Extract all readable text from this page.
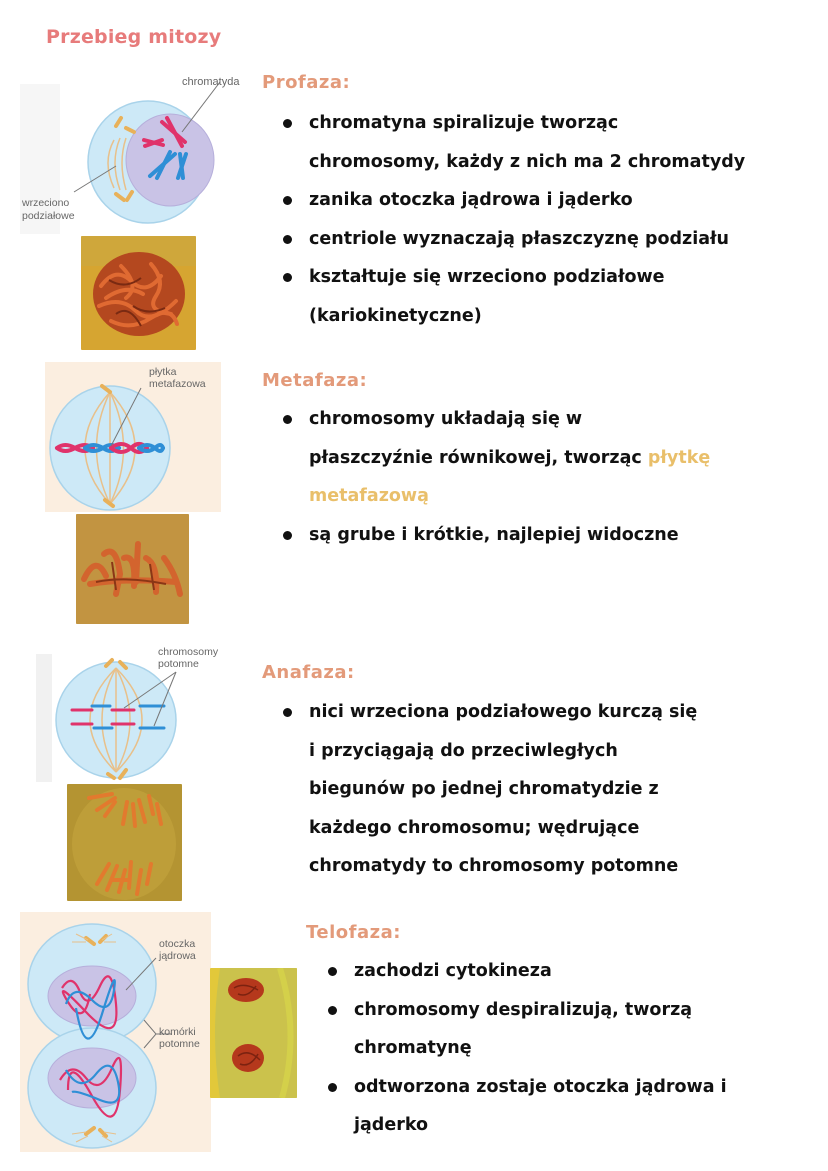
Przebieg mitozy
chromatyda
wrzeciono
podziałowe
Profaza:
chromatyna spiralizuje tworząc
chromosomy, każdy z nich ma 2 chromatydy
zanika otoczka jądrowa i jąderko
centriole wyznaczają płaszczyznę podziału
kształtuje się wrzeciono podziałowe
(kariokinetyczne)
płytka
metafazowa	Metafaza:
chromosomy układają się w
płaszczyźnie równikowej, tworząc płytkę
metafazową
są grube i krótkie, najlepiej widoczne
chromosomy
potomne	Anafaza:
nici wrzeciona podziałowego kurczą się
i przyciągają do przeciwległych
biegunów po jednej chromatydzie z
każdego chromosomu; wędrujące
chromatydy to chromosomy potomne
otoczka
jądrowa
komórki
potomne
Telofaza:
zachodzi cytokineza
chromosomy despiralizują, tworzą
chromatynę
odtworzona zostaje otoczka jądrowa i
jąderko
